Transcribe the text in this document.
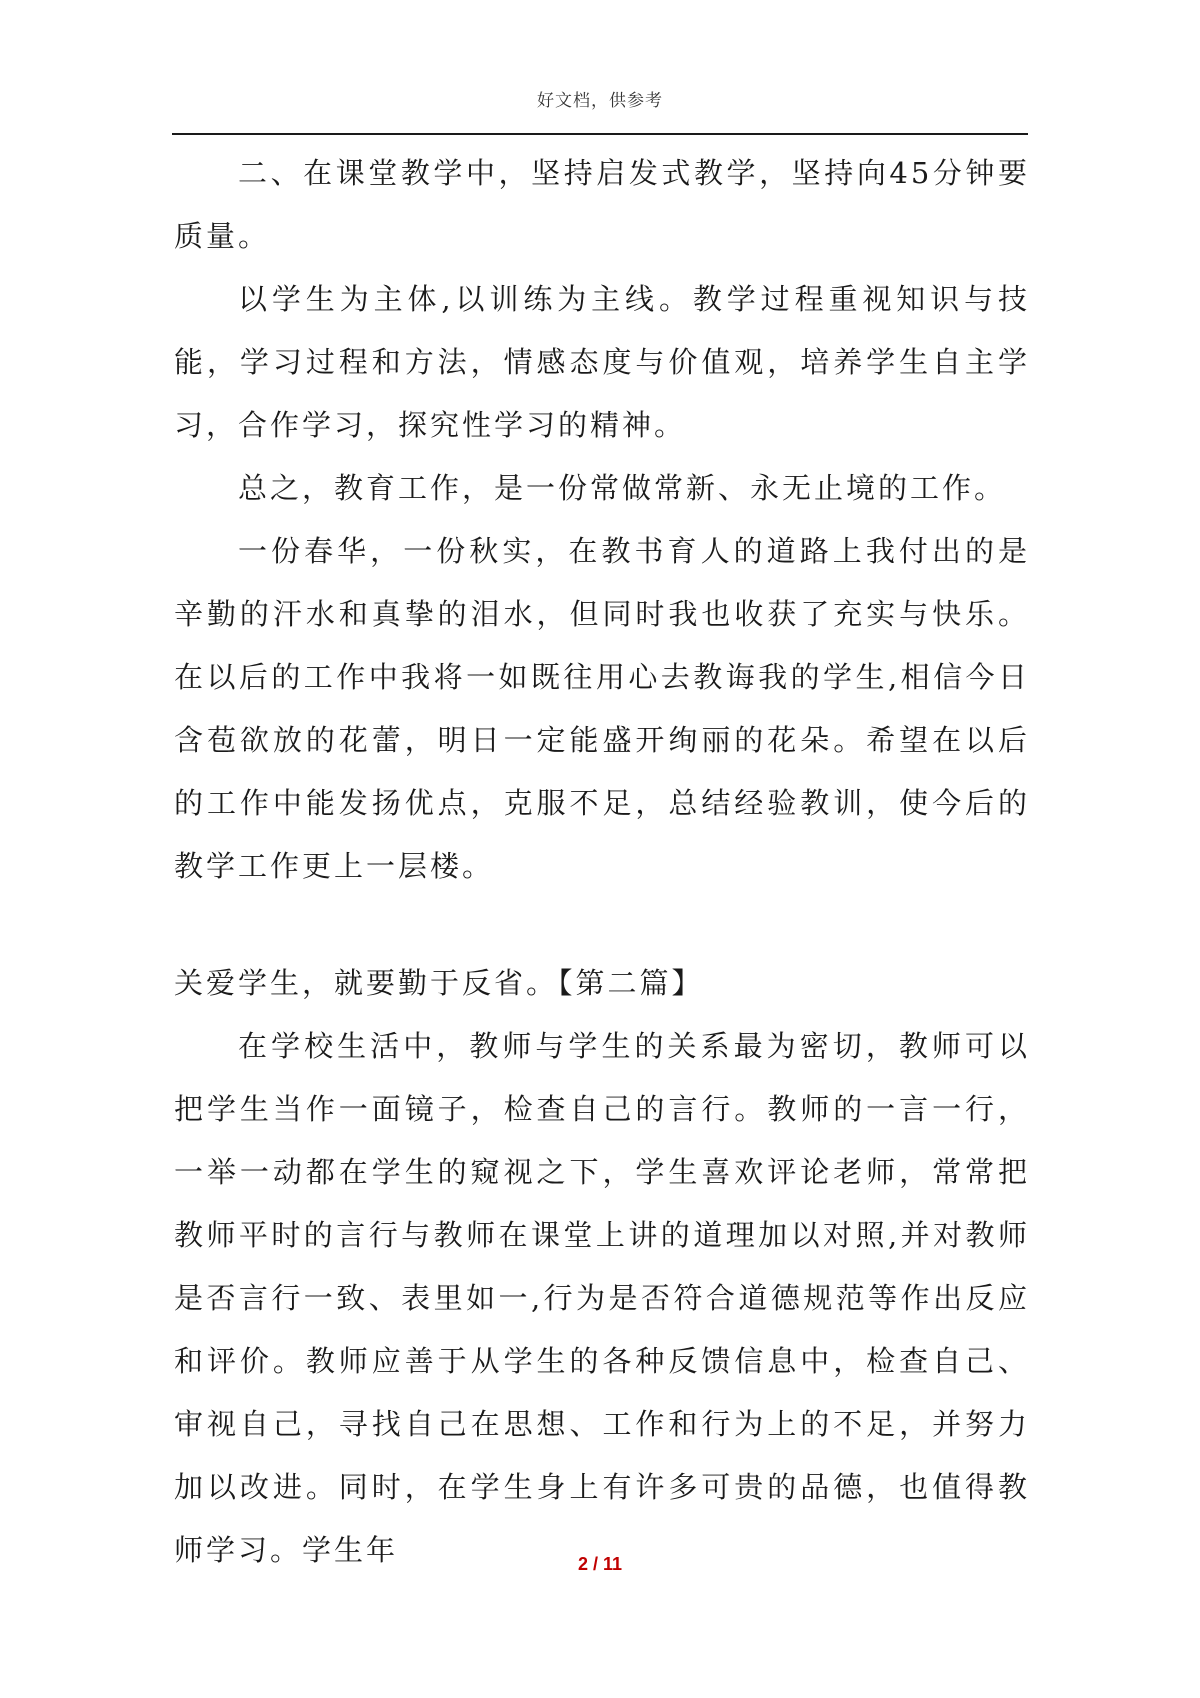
好文档，供参考

二、在课堂教学中，坚持启发式教学，坚持向45分钟要质量。

以学生为主体,以训练为主线。教学过程重视知识与技能，学习过程和方法，情感态度与价值观，培养学生自主学习，合作学习，探究性学习的精神。

总之，教育工作，是一份常做常新、永无止境的工作。

一份春华，一份秋实，在教书育人的道路上我付出的是辛勤的汗水和真挚的泪水，但同时我也收获了充实与快乐。在以后的工作中我将一如既往用心去教诲我的学生,相信今日含苞欲放的花蕾，明日一定能盛开绚丽的花朵。希望在以后的工作中能发扬优点，克服不足，总结经验教训，使今后的教学工作更上一层楼。

关爱学生，就要勤于反省。【第二篇】

在学校生活中，教师与学生的关系最为密切，教师可以把学生当作一面镜子，检查自己的言行。教师的一言一行，一举一动都在学生的窥视之下，学生喜欢评论老师，常常把教师平时的言行与教师在课堂上讲的道理加以对照,并对教师是否言行一致、表里如一,行为是否符合道德规范等作出反应和评价。教师应善于从学生的各种反馈信息中，检查自己、审视自己，寻找自己在思想、工作和行为上的不足，并努力加以改进。同时，在学生身上有许多可贵的品德，也值得教师学习。学生年	2 / 11
